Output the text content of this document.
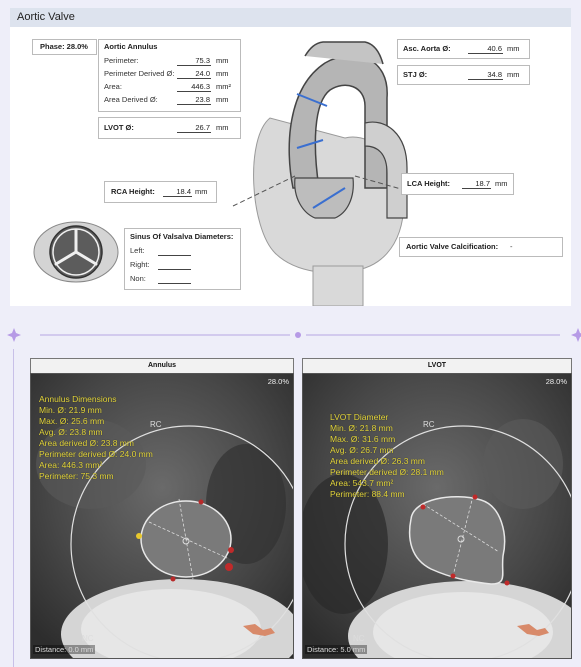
Aortic Valve
Phase: 28.0% Aortic Annulus
Perimeter:	75.3 mm
Perimeter Derived Ø:	24.0 mm
Area:	446.3 mm²
Area Derived Ø:	23.8 mm
LVOT Ø:	26.7 mm
Asc. Aorta Ø:	40.6 mm
STJ Ø:	34.8 mm
RCA Height:	18.4 mm
LCA Height:	18.7 mm
Sinus Of Valsalva Diameters:
Left:
Right:
Non:
Aortic Valve Calcification: -
Annulus
28.0%
RC
NC
Distance: 0.0 mm
Annulus Dimensions
Min. Ø: 21.9 mm
Max. Ø: 25.6 mm
Avg. Ø: 23.8 mm
Area derived Ø: 23.8 mm
Perimeter derived Ø: 24.0 mm
Area: 446.3 mm²
Perimeter: 75.3 mm
LVOT
28.0%
RC
NC
Distance: 5.0 mm
LVOT Diameter
Min. Ø: 21.8 mm
Max. Ø: 31.6 mm
Avg. Ø: 26.7 mm
Area derived Ø: 26.3 mm
Perimeter derived Ø: 28.1 mm
Area: 543.7 mm²
Perimeter: 88.4 mm
